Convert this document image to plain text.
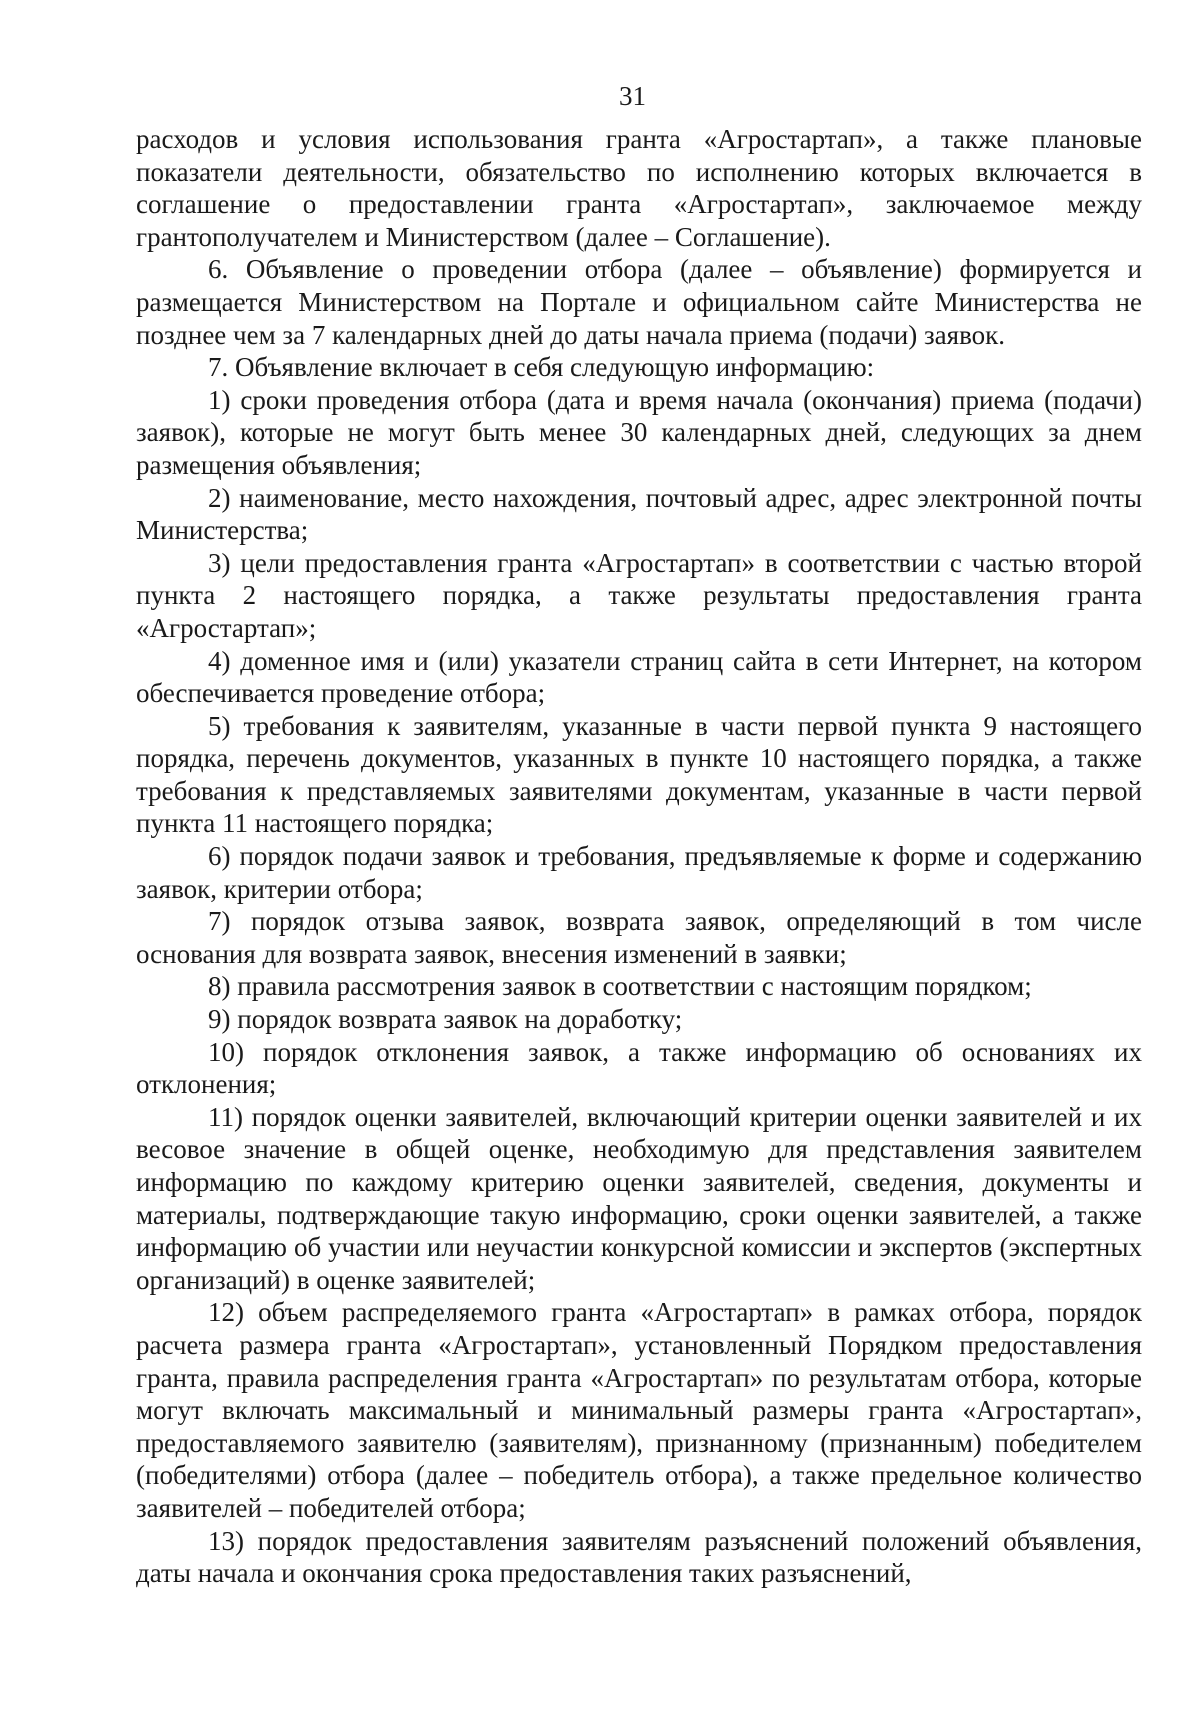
31

расходов и условия использования гранта «Агростартап», а также плановые показатели деятельности, обязательство по исполнению которых включается в соглашение о предоставлении гранта «Агростартап», заключаемое между грантополучателем и Министерством (далее – Соглашение).

6. Объявление о проведении отбора (далее – объявление) формируется и размещается Министерством на Портале и официальном сайте Министерства не позднее чем за 7 календарных дней до даты начала приема (подачи) заявок.

7. Объявление включает в себя следующую информацию:

1) сроки проведения отбора (дата и время начала (окончания) приема (подачи) заявок), которые не могут быть менее 30 календарных дней, следующих за днем размещения объявления;

2) наименование, место нахождения, почтовый адрес, адрес электронной почты Министерства;

3) цели предоставления гранта «Агростартап» в соответствии с частью второй пункта 2 настоящего порядка, а также результаты предоставления гранта «Агростартап»;

4) доменное имя и (или) указатели страниц сайта в сети Интернет, на котором обеспечивается проведение отбора;

5) требования к заявителям, указанные в части первой пункта 9 настоящего порядка, перечень документов, указанных в пункте 10 настоящего порядка, а также требования к представляемых заявителями документам, указанные в части первой пункта 11 настоящего порядка;

6) порядок подачи заявок и требования, предъявляемые к форме и содержанию заявок, критерии отбора;

7) порядок отзыва заявок, возврата заявок, определяющий в том числе основания для возврата заявок, внесения изменений в заявки;

8) правила рассмотрения заявок в соответствии с настоящим порядком;

9) порядок возврата заявок на доработку;

10) порядок отклонения заявок, а также информацию об основаниях их отклонения;

11) порядок оценки заявителей, включающий критерии оценки заявителей и их весовое значение в общей оценке, необходимую для представления заявителем информацию по каждому критерию оценки заявителей, сведения, документы и материалы, подтверждающие такую информацию, сроки оценки заявителей, а также информацию об участии или неучастии конкурсной комиссии и экспертов (экспертных организаций) в оценке заявителей;

12) объем распределяемого гранта «Агростартап» в рамках отбора, порядок расчета размера гранта «Агростартап», установленный Порядком предоставления гранта, правила распределения гранта «Агростартап» по результатам отбора, которые могут включать максимальный и минимальный размеры гранта «Агростартап», предоставляемого заявителю (заявителям), признанному (признанным) победителем (победителями) отбора (далее – победитель отбора), а также предельное количество заявителей – победителей отбора;

13) порядок предоставления заявителям разъяснений положений объявления, даты начала и окончания срока предоставления таких разъяснений,
